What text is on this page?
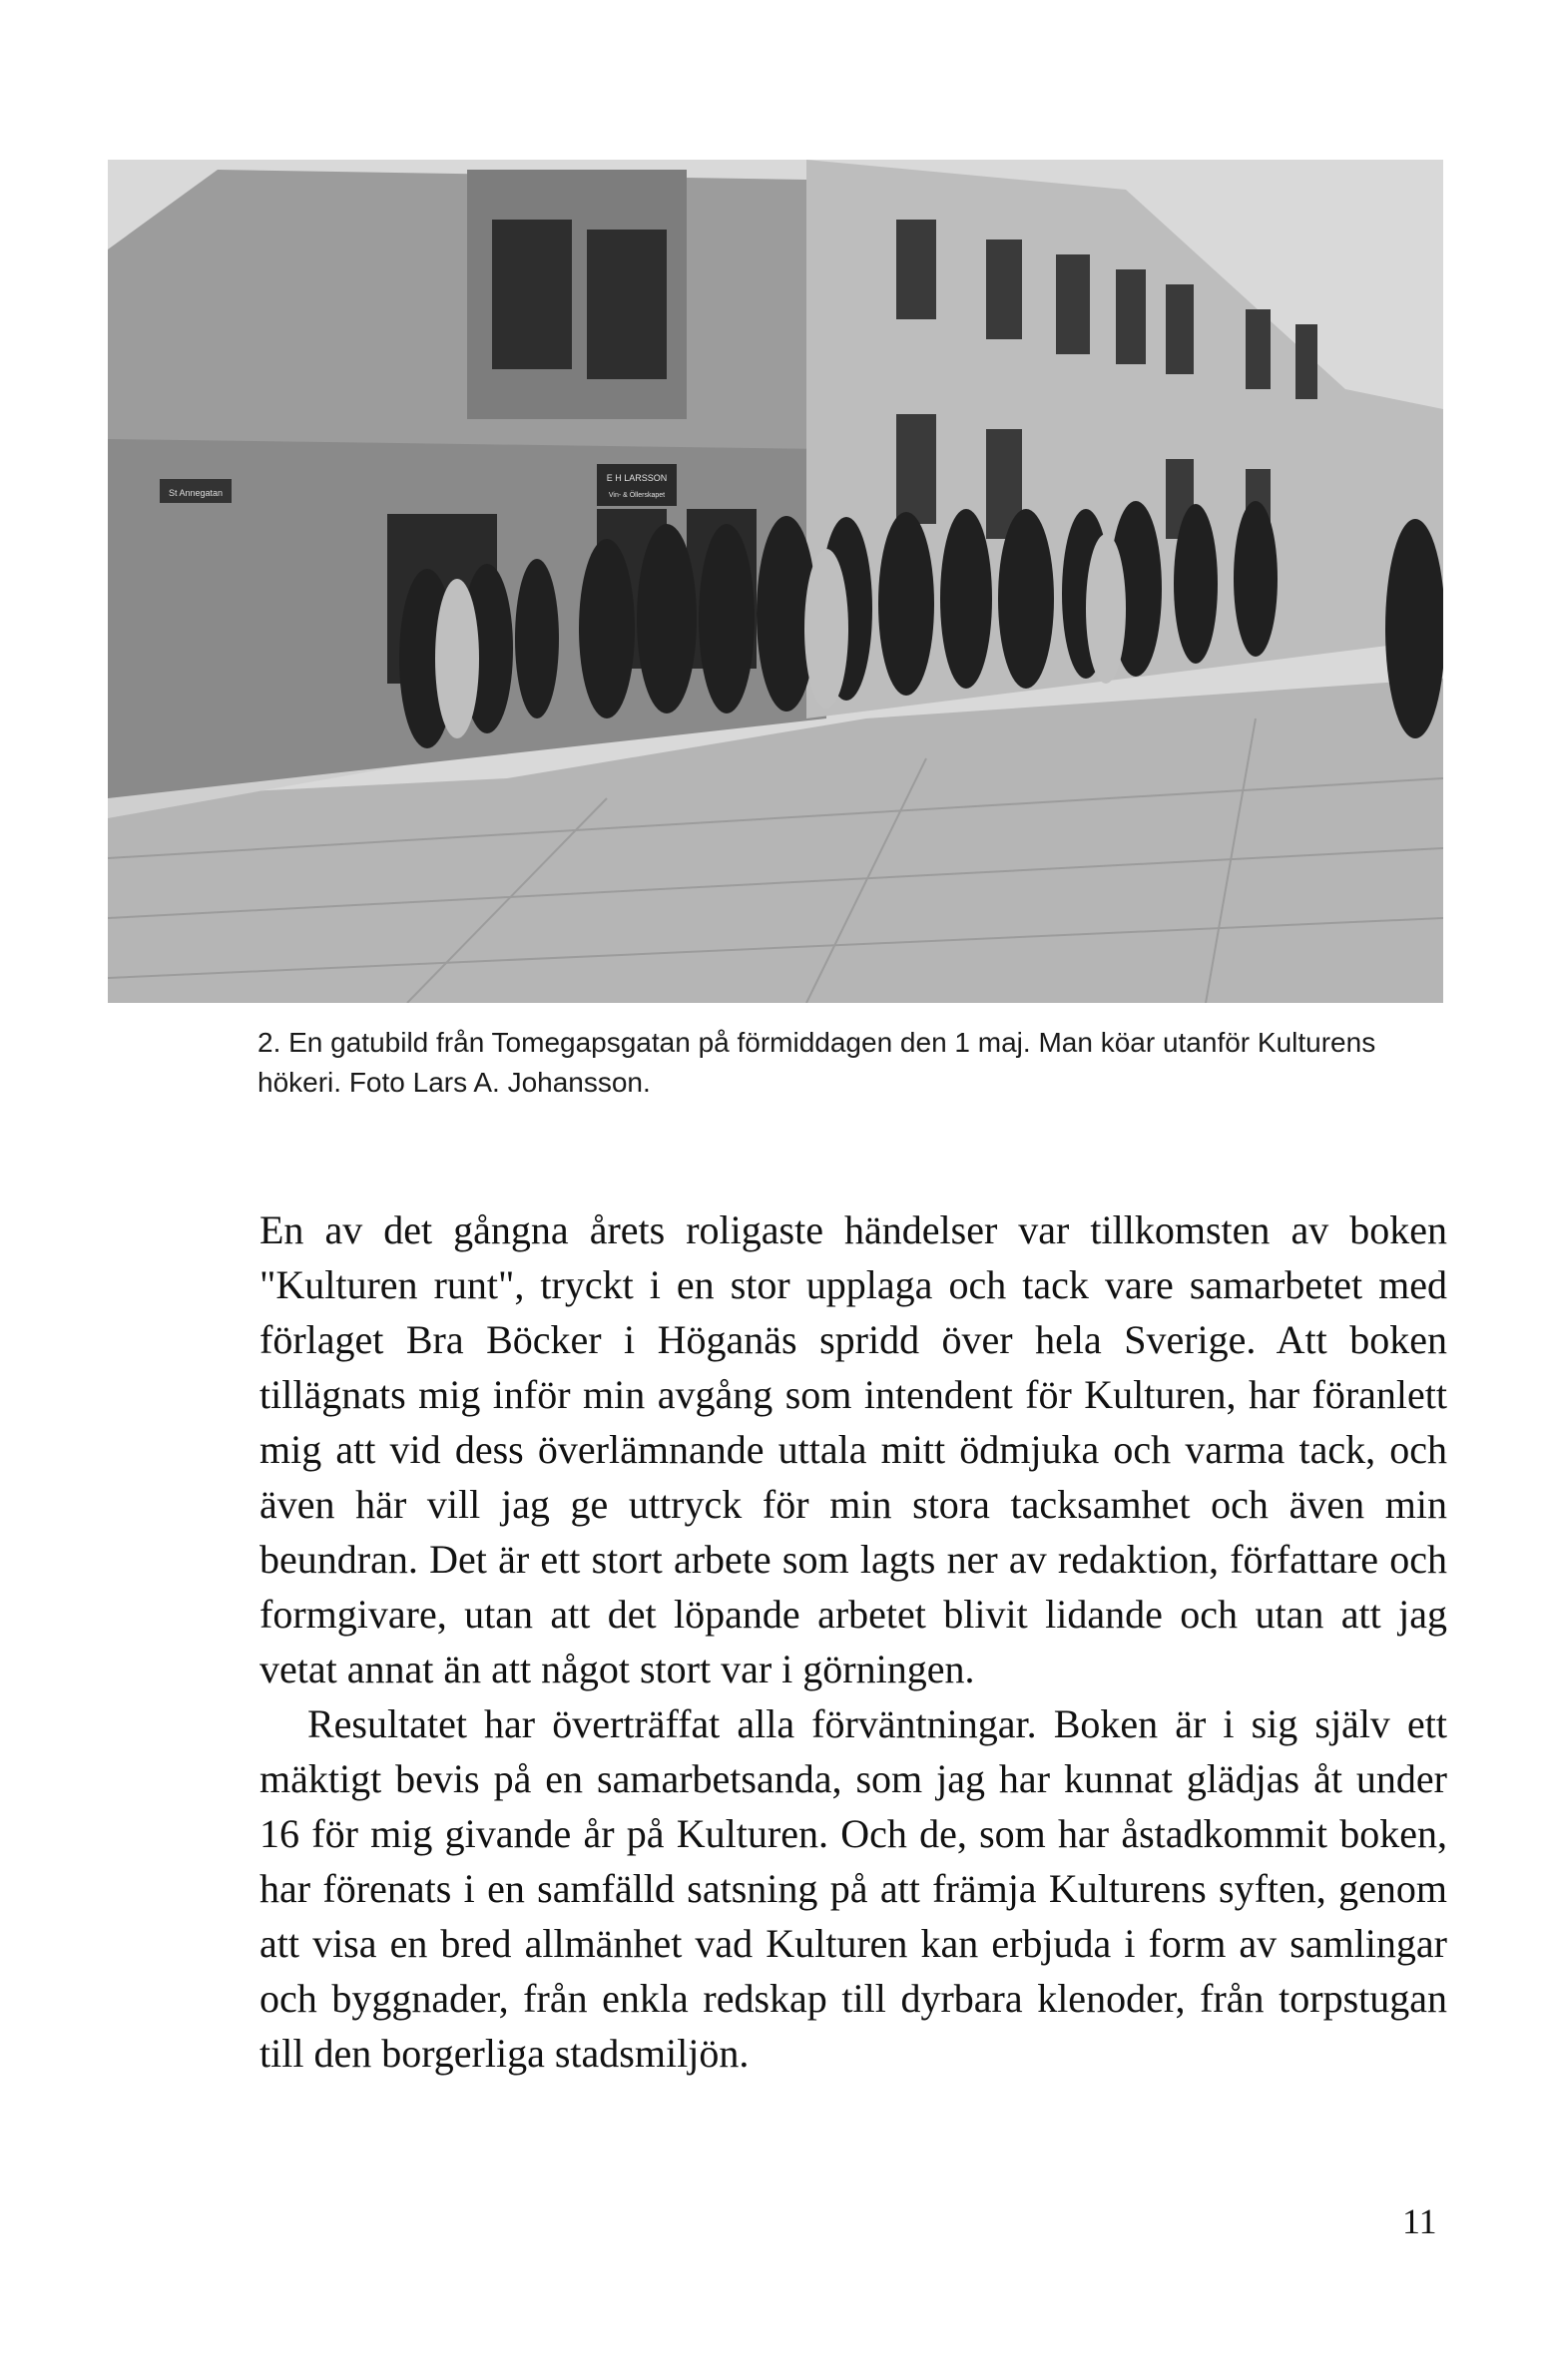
St Annegatan
E H LARSSON
Vin- & Öllerskapet
2. En gatubild från Tomegapsgatan på förmiddagen den 1 maj. Man köar utanför Kulturens hökeri. Foto Lars A. Johansson.

En av det gångna årets roligaste händelser var tillkomsten av boken "Kulturen runt", tryckt i en stor upplaga och tack vare samarbetet med förlaget Bra Böcker i Höganäs spridd över hela Sverige. Att boken tillägnats mig inför min avgång som intendent för Kulturen, har föranlett mig att vid dess överlämnande uttala mitt ödmjuka och varma tack, och även här vill jag ge uttryck för min stora tacksamhet och även min beundran. Det är ett stort arbete som lagts ner av redaktion, författare och formgivare, utan att det löpande arbetet blivit lidande och utan att jag vetat annat än att något stort var i görningen.

Resultatet har överträffat alla förväntningar. Boken är i sig själv ett mäktigt bevis på en samarbetsanda, som jag har kunnat glädjas åt under 16 för mig givande år på Kulturen. Och de, som har åstadkommit boken, har förenats i en samfälld satsning på att främja Kulturens syften, genom att visa en bred allmänhet vad Kulturen kan erbjuda i form av samlingar och byggnader, från enkla redskap till dyrbara klenoder, från torpstugan till den borgerliga stadsmiljön.

11
